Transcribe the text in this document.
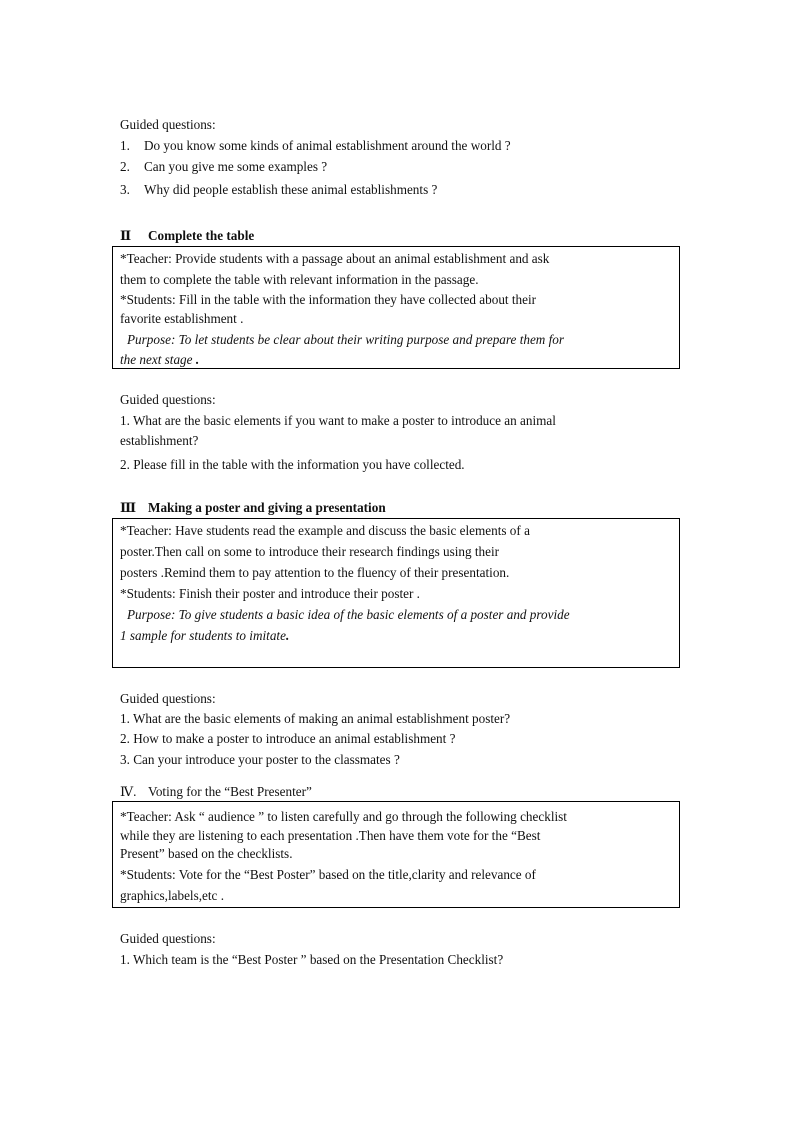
Guided questions:
1. Do you know some kinds of animal establishment around the world ?
2. Can you give me some examples ?
3. Why did people establish these animal establishments ?
Ⅱ Complete the table
*Teacher: Provide students with a passage about an animal establishment and ask
them to complete the table with relevant information in the passage.
*Students: Fill in the table with the information they have collected about their
favorite establishment .
Purpose: To let students be clear about their writing purpose and prepare them for
the next stage .
Guided questions:
1. What are the basic elements if you want to make a poster to introduce an animal
establishment?
2. Please fill in the table with the information you have collected.
Ⅲ Making a poster and giving a presentation
*Teacher: Have students read the example and discuss the basic elements of a
poster.Then call on some to introduce their research findings using their
posters .Remind them to pay attention to the fluency of their presentation.
*Students: Finish their poster and introduce their poster .
Purpose: To give students a basic idea of the basic elements of a poster and provide
1 sample for students to imitate.
Guided questions:
1. What are the basic elements of making an animal establishment poster?
2. How to make a poster to introduce an animal establishment ?
3. Can your introduce your poster to the classmates ?
Ⅳ. Voting for the “Best Presenter”
*Teacher: Ask “ audience ” to listen carefully and go through the following checklist
while they are listening to each presentation .Then have them vote for the “Best
Present” based on the checklists.
*Students: Vote for the “Best Poster” based on the title,clarity and relevance of
graphics,labels,etc .
Guided questions:
1. Which team is the “Best Poster ” based on the Presentation Checklist?
